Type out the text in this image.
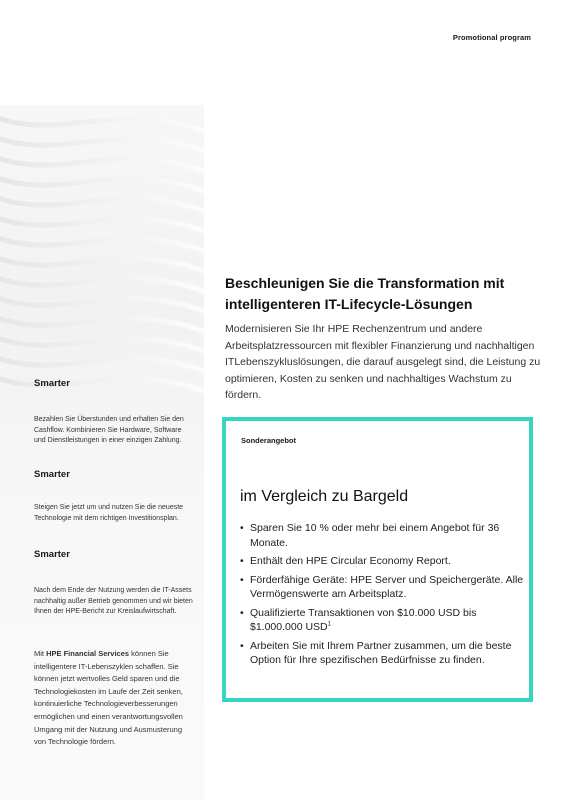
Promotional program
Smarter
Bezahlen Sie Überstunden und erhalten Sie den Cashflow. Kombinieren Sie Hardware, Software und Dienstleistungen in einer einzigen Zahlung.
Smarter
Steigen Sie jetzt um und nutzen Sie die neueste Technologie mit dem richtigen Investitionsplan.
Smarter
Nach dem Ende der Nutzung werden die IT-Assets nachhaltig außer Betrieb genommen und wir bieten Ihnen der HPE-Bericht zur Kreislaufwirtschaft.

Mit HPE Financial Services können Sie intelligentere IT-Lebenszyklen schaffen. Sie können jetzt wertvolles Geld sparen und die Technologiekosten im Laufe der Zeit senken, kontinuierliche Technologieverbesserungen ermöglichen und einen verantwortungsvollen Umgang mit der Nutzung und Ausmusterung von Technologie fördern.

Beschleunigen Sie die Transformation mit intelligenteren IT-Lifecycle-Lösungen

Modernisieren Sie Ihr HPE Rechenzentrum und andere Arbeitsplatzressourcen mit flexibler Finanzierung und nachhaltigen ITLebenszykluslösungen, die darauf ausgelegt sind, die Leistung zu optimieren, Kosten zu senken und nachhaltiges Wachstum zu fördern.

Sonderangebot
im Vergleich zu Bargeld
• Sparen Sie 10 % oder mehr bei einem Angebot für 36 Monate.
• Enthält den HPE Circular Economy Report.
• Förderfähige Geräte: HPE Server und Speichergeräte. Alle Vermögenswerte am Arbeitsplatz.
• Qualifizierte Transaktionen von $10.000 USD bis $1.000.000 USD$^1$
• Arbeiten Sie mit Ihrem Partner zusammen, um die beste Option für Ihre spezifischen Bedürfnisse zu finden.
